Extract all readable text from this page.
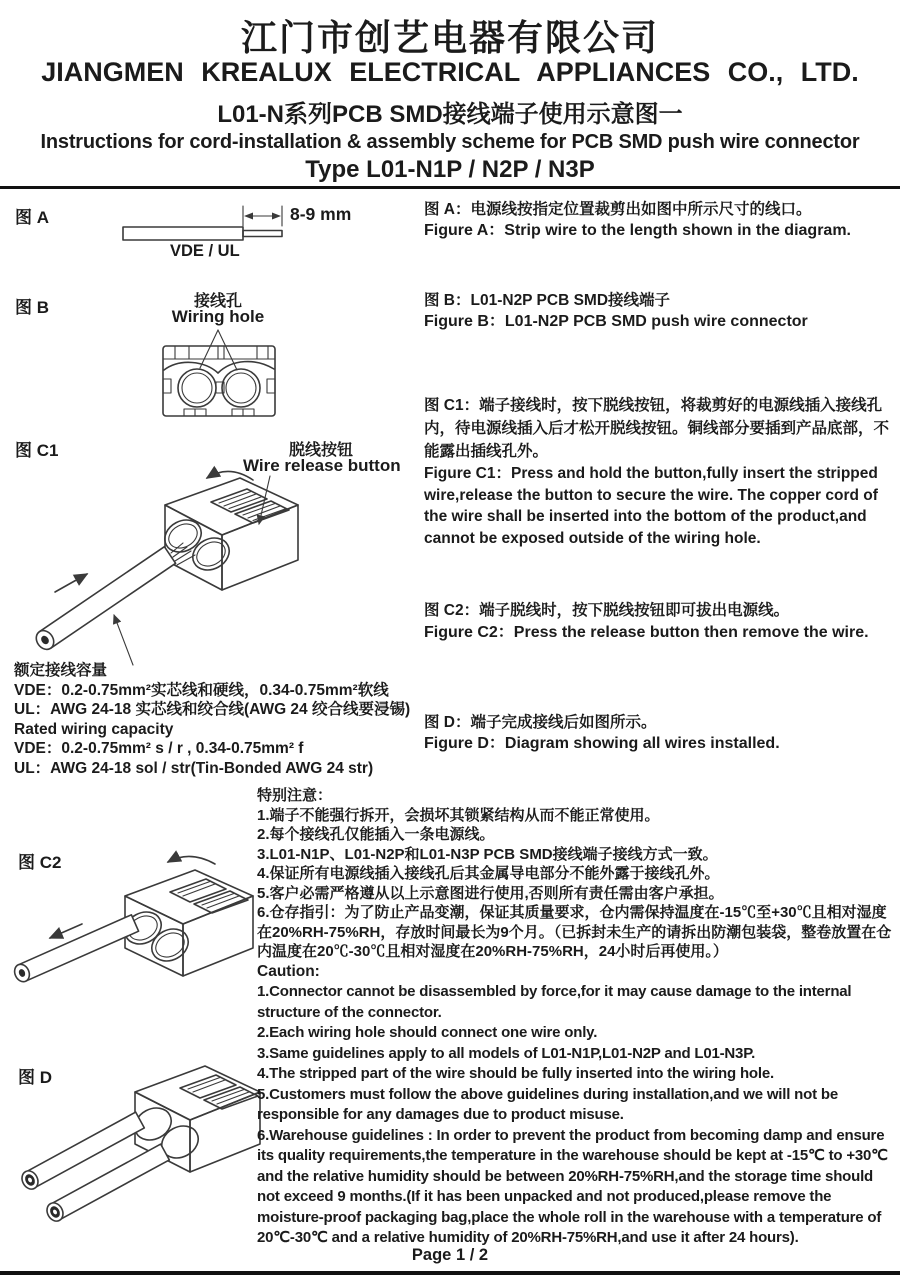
江门市创艺电器有限公司
JIANGMEN KREALUX ELECTRICAL APPLIANCES CO., LTD.
L01-N系列PCB SMD接线端子使用示意图一
Instructions for cord-installation & assembly scheme for PCB SMD push wire connector
Type L01-N1P / N2P / N3P
图 A	8-9 mm
VDE / UL
图 A：电源线按指定位置裁剪出如图中所示尺寸的线口。
Figure A：Strip wire to the length shown in the diagram.
图 B	接线孔
Wiring hole
图 B：L01-N2P PCB SMD接线端子
Figure B：L01-N2P PCB SMD push wire connector
图 C1	脱线按钮
Wire release button
图 C1：端子接线时，按下脱线按钮，将裁剪好的电源线插入接线孔内，待电源线插入后才松开脱线按钮。铜线部分要插到产品底部，不能露出插线孔外。
Figure C1：Press and hold the button,fully insert the stripped wire,release the button to secure the wire. The copper cord of the wire shall be inserted into the bottom of the product,and cannot be exposed outside of the wiring hole.
额定接线容量
VDE：0.2-0.75mm²实芯线和硬线，0.34-0.75mm²软线
UL：AWG 24-18 实芯线和绞合线(AWG 24 绞合线要浸锡)
Rated wiring capacity
VDE：0.2-0.75mm² s / r , 0.34-0.75mm² f
UL：AWG 24-18 sol / str(Tin-Bonded AWG 24 str)
图 C2
图 C2：端子脱线时，按下脱线按钮即可拔出电源线。
Figure C2：Press the release button then remove the wire.
图 D
图 D：端子完成接线后如图所示。
Figure D：Diagram showing all wires installed.

特别注意：

1.端子不能强行拆开，会损坏其锁紧结构从而不能正常使用。

2.每个接线孔仅能插入一条电源线。

3.L01-N1P、L01-N2P和L01-N3P PCB SMD接线端子接线方式一致。

4.保证所有电源线插入接线孔后其金属导电部分不能外露于接线孔外。

5.客户必需严格遵从以上示意图进行使用,否则所有责任需由客户承担。

6.仓存指引：为了防止产品变潮，保证其质量要求，仓内需保持温度在-15℃至+30℃且相对湿度在20%RH-75%RH，存放时间最长为9个月。（已拆封未生产的请拆出防潮包装袋，整卷放置在仓内温度在20℃-30℃且相对湿度在20%RH-75%RH，24小时后再使用。）

Caution:

1.Connector cannot be disassembled by force,for it may cause damage to the internal structure of the connector.

2.Each wiring hole should connect one wire only.

3.Same guidelines apply to all models of L01-N1P,L01-N2P and L01-N3P.

4.The stripped part of the wire should be fully inserted into the wiring hole.

5.Customers must follow the above guidelines during installation,and we will not be responsible for any damages due to product misuse.

6.Warehouse guidelines : In order to prevent the product from becoming damp and ensure its quality requirements,the temperature in the warehouse should be kept at -15℃ to +30℃ and the relative humidity should be between 20%RH-75%RH,and the storage time should not exceed 9 months.(If it has been unpacked and not produced,please remove the moisture-proof packaging bag,place the whole roll in the warehouse with a temperature of 20℃-30℃ and a relative humidity of 20%RH-75%RH,and use it after 24 hours).

Page 1 / 2
